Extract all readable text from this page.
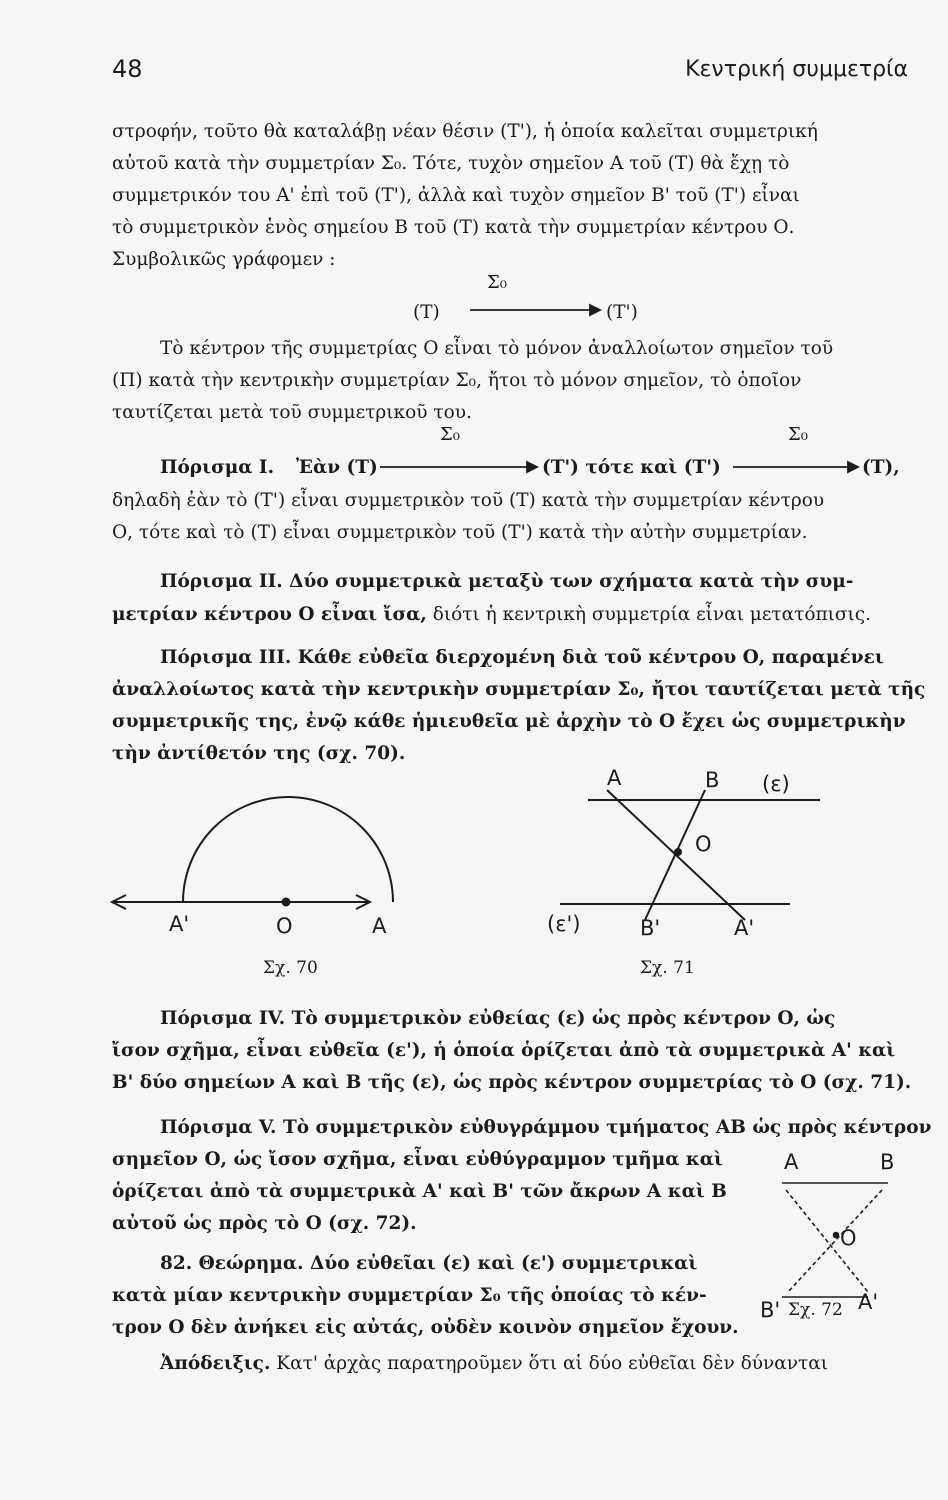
48	Κεντρική συμμετρία
στροφήν, τοῦτο θὰ καταλάβῃ νέαν θέσιν (Τ'), ἡ ὁποία καλεῖται συμμετρική
αὐτοῦ κατὰ τὴν συμμετρίαν Σ₀. Τότε, τυχὸν σημεῖον Α τοῦ (Τ) θὰ ἔχῃ τὸ
συμμετρικόν του Α' ἐπὶ τοῦ (Τ'), ἀλλὰ καὶ τυχὸν σημεῖον Β' τοῦ (Τ') εἶναι
τὸ συμμετρικὸν ἑνὸς σημείου Β τοῦ (Τ) κατὰ τὴν συμμετρίαν κέντρου Ο.
Συμβολικῶς γράφομεν :
Σ₀
(Τ)	(Τ')
Τὸ κέντρον τῆς συμμετρίας Ο εἶναι τὸ μόνον ἀναλλοίωτον σημεῖον τοῦ
(Π) κατὰ τὴν κεντρικὴν συμμετρίαν Σ₀, ἤτοι τὸ μόνον σημεῖον, τὸ ὁποῖον
ταυτίζεται μετὰ τοῦ συμμετρικοῦ του.
Σ₀	Σ₀
Πόρισμα Ι. Ἐὰν (Τ)	(Τ') τότε καὶ (Τ')	(Τ),
δηλαδὴ ἐὰν τὸ (Τ') εἶναι συμμετρικὸν τοῦ (Τ) κατὰ τὴν συμμετρίαν κέντρου
Ο, τότε καὶ τὸ (Τ) εἶναι συμμετρικὸν τοῦ (Τ') κατὰ τὴν αὐτὴν συμμετρίαν.
Πόρισμα ΙΙ. Δύο συμμετρικὰ μεταξὺ των σχήματα κατὰ τὴν συμ-
μετρίαν κέντρου Ο εἶναι ἴσα, διότι ἡ κεντρικὴ συμμετρία εἶναι μετατόπισις.
Πόρισμα ΙΙΙ. Κάθε εὐθεῖα διερχομένη διὰ τοῦ κέντρου Ο, παραμένει
ἀναλλοίωτος κατὰ τὴν κεντρικὴν συμμετρίαν Σ₀, ἤτοι ταυτίζεται μετὰ τῆς
συμμετρικῆς της, ἐνῷ κάθε ἡμιευθεῖα μὲ ἀρχὴν τὸ Ο ἔχει ὡς συμμετρικὴν
τὴν ἀντίθετόν της (σχ. 70).
Α'	Ο	Α
Σχ. 70
Α	Β (ε)
Ο
(ε')	Β'	Α'
Σχ. 71
Πόρισμα IV. Τὸ συμμετρικὸν εὐθείας (ε) ὡς πρὸς κέντρον Ο, ὡς
ἴσον σχῆμα, εἶναι εὐθεῖα (ε'), ἡ ὁποία ὁρίζεται ἀπὸ τὰ συμμετρικὰ Α' καὶ
Β' δύο σημείων Α καὶ Β τῆς (ε), ὡς πρὸς κέντρον συμμετρίας τὸ Ο (σχ. 71).
Πόρισμα V. Τὸ συμμετρικὸν εὐθυγράμμου τμήματος ΑΒ ὡς πρὸς κέντρον
σημεῖον Ο, ὡς ἴσον σχῆμα, εἶναι εὐθύγραμμον τμῆμα καὶ
ὁρίζεται ἀπὸ τὰ συμμετρικὰ Α' καὶ Β' τῶν ἄκρων Α καὶ Β
αὐτοῦ ὡς πρὸς τὸ Ο (σχ. 72).
Α	Β
Ο
Β'	Α'
Σχ. 72
82. Θεώρημα. Δύο εὐθεῖαι (ε) καὶ (ε') συμμετρικαὶ
κατὰ μίαν κεντρικὴν συμμετρίαν Σ₀ τῆς ὁποίας τὸ κέν-
τρον Ο δὲν ἀνήκει εἰς αὐτάς, οὐδὲν κοινὸν σημεῖον ἔχουν.
Ἀπόδειξις. Κατ' ἀρχὰς παρατηροῦμεν ὅτι αἱ δύο εὐθεῖαι δὲν δύνανται
